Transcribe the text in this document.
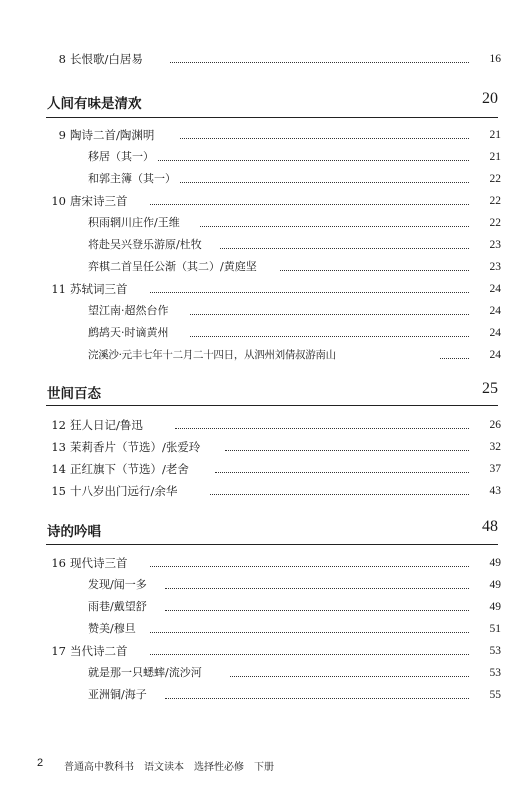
8 长恨歌/白居易	16
人间有味是清欢	20
9 陶诗二首/陶渊明	21
移居（其一）	21
和郭主簿（其一）	22
10 唐宋诗三首	22
积雨辋川庄作/王维	22
将赴吴兴登乐游原/杜牧	23
弈棋二首呈任公渐（其二）/黄庭坚	23
11 苏轼词三首	24
望江南·超然台作	24
鹧鸪天·时谪黄州	24
浣溪沙·元丰七年十二月二十四日，从泗州刘倩叔游南山	24
世间百态	25
12 狂人日记/鲁迅	26
13 茉莉香片（节选）/张爱玲	32
14 正红旗下（节选）/老舍	37
15 十八岁出门远行/余华	43
诗的吟唱	48
16 现代诗三首	49
发现/闻一多	49
雨巷/戴望舒	49
赞美/穆旦	51
17 当代诗二首	53
就是那一只蟋蟀/流沙河	53
亚洲铜/海子	55
2 普通高中教科书　语文读本　选择性必修　下册
